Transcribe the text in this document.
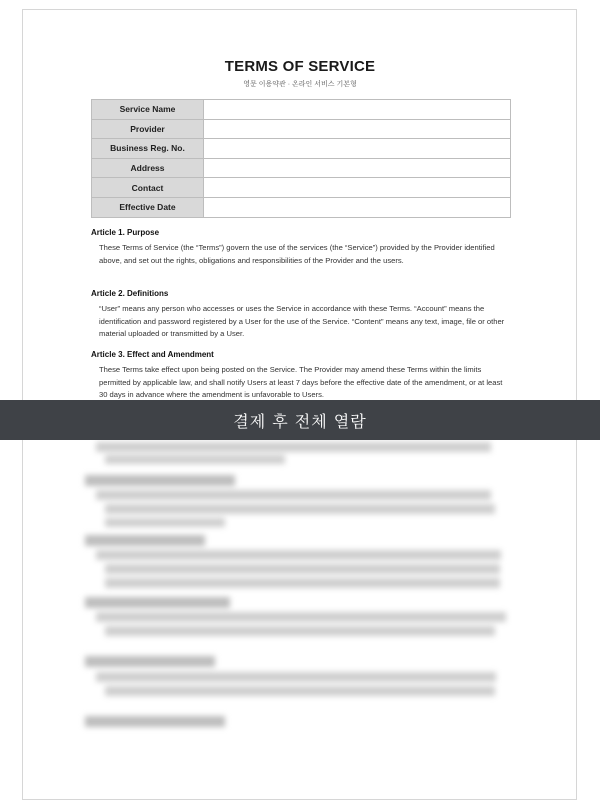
TERMS OF SERVICE
영문 이용약관 · 온라인 서비스 기본형
Service Name	
Provider	
Business Reg. No.	
Address	
Contact	
Effective Date	
Article 1. Purpose

These Terms of Service (the “Terms”) govern the use of the services (the “Service”) provided by the Provider identified above, and set out the rights, obligations and responsibilities of the Provider and the users.

Article 2. Definitions

“User” means any person who accesses or uses the Service in accordance with these Terms. “Account” means the identification and password registered by a User for the use of the Service. “Content” means any text, image, file or other material uploaded or transmitted by a User.

Article 3. Effect and Amendment

These Terms take effect upon being posted on the Service. The Provider may amend these Terms within the limits permitted by applicable law, and shall notify Users at least 7 days before the effective date of the amendment, or at least 30 days in advance where the amendment is unfavorable to Users.

결제 후 전체 열람
